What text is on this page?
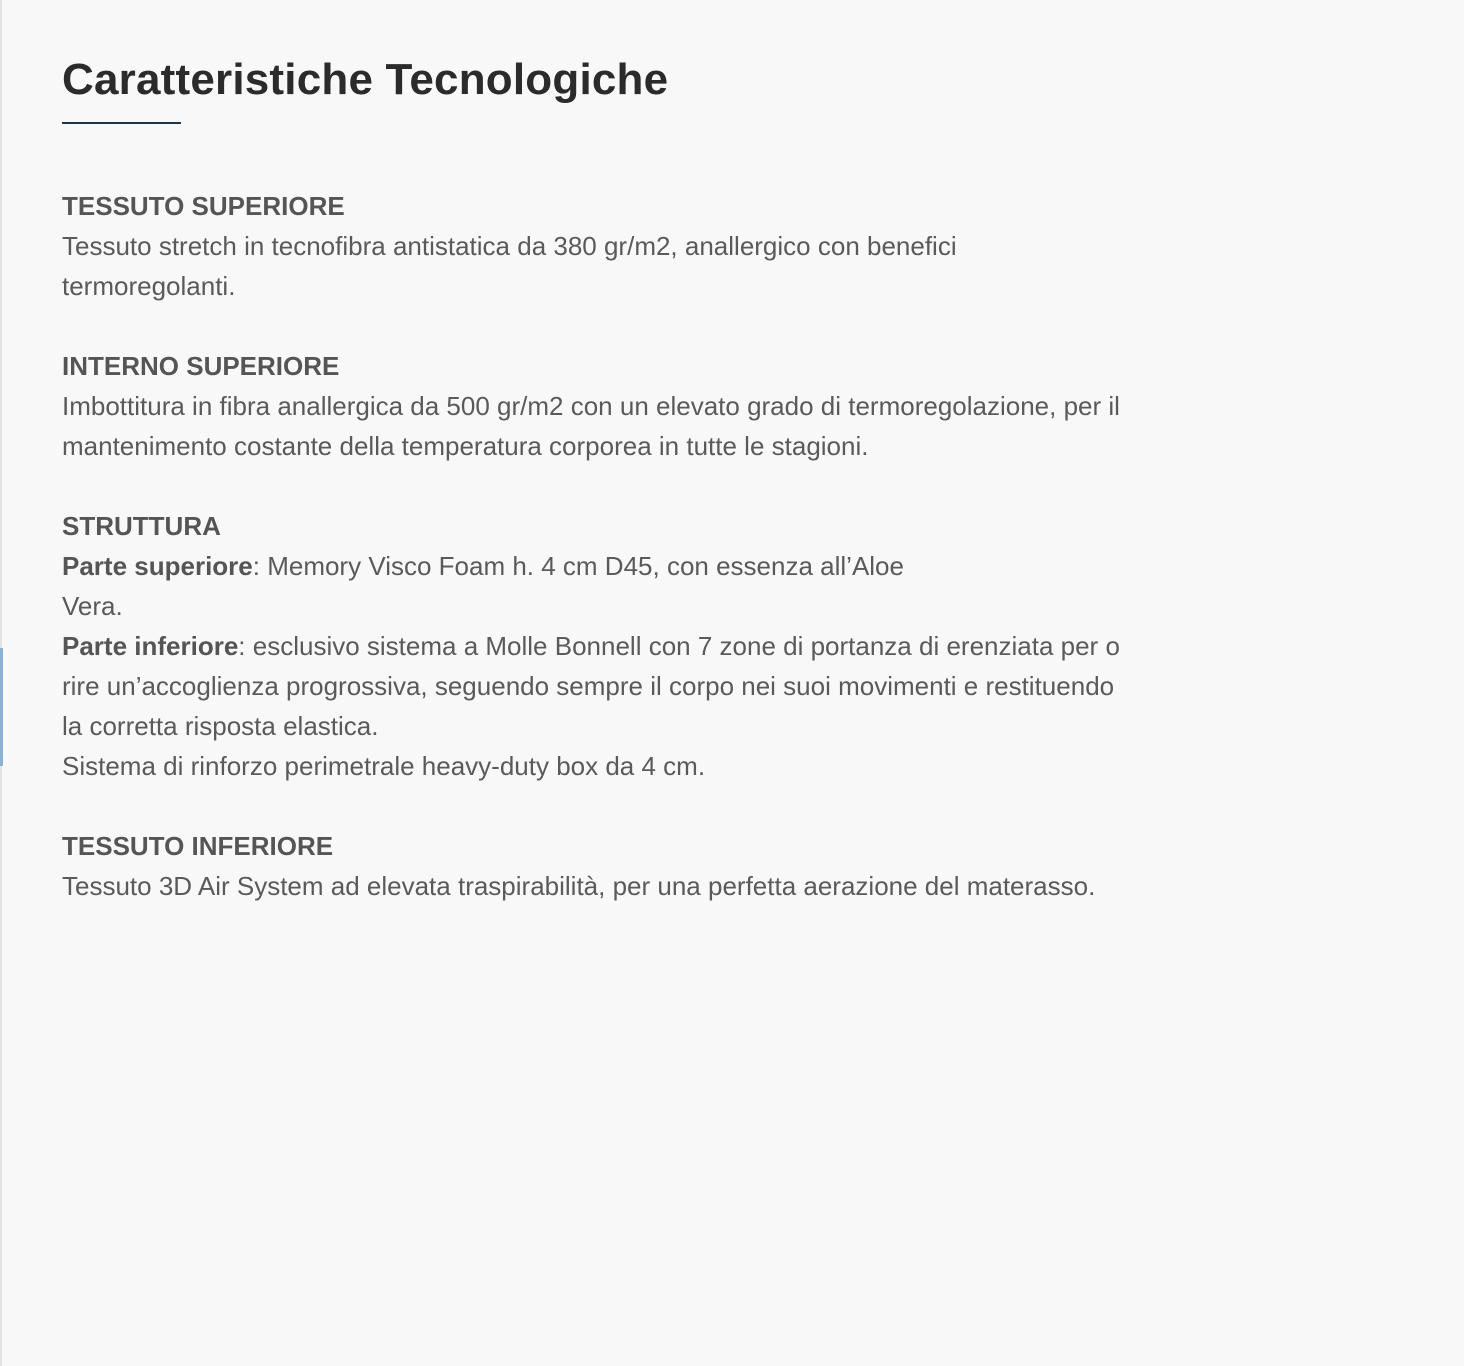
Caratteristiche Tecnologiche
TESSUTO SUPERIORE
Tessuto stretch in tecnofibra antistatica da 380 gr/m2, anallergico con benefici
termoregolanti.
INTERNO SUPERIORE
Imbottitura in fibra anallergica da 500 gr/m2 con un elevato grado di termoregolazione, per il
mantenimento costante della temperatura corporea in tutte le stagioni.
STRUTTURA
Parte superiore: Memory Visco Foam h. 4 cm D45, con essenza all’Aloe
Vera.
Parte inferiore: esclusivo sistema a Molle Bonnell con 7 zone di portanza di erenziata per o
rire un’accoglienza progrossiva, seguendo sempre il corpo nei suoi movimenti e restituendo
la corretta risposta elastica.
Sistema di rinforzo perimetrale heavy-duty box da 4 cm.
TESSUTO INFERIORE
Tessuto 3D Air System ad elevata traspirabilità, per una perfetta aerazione del materasso.
